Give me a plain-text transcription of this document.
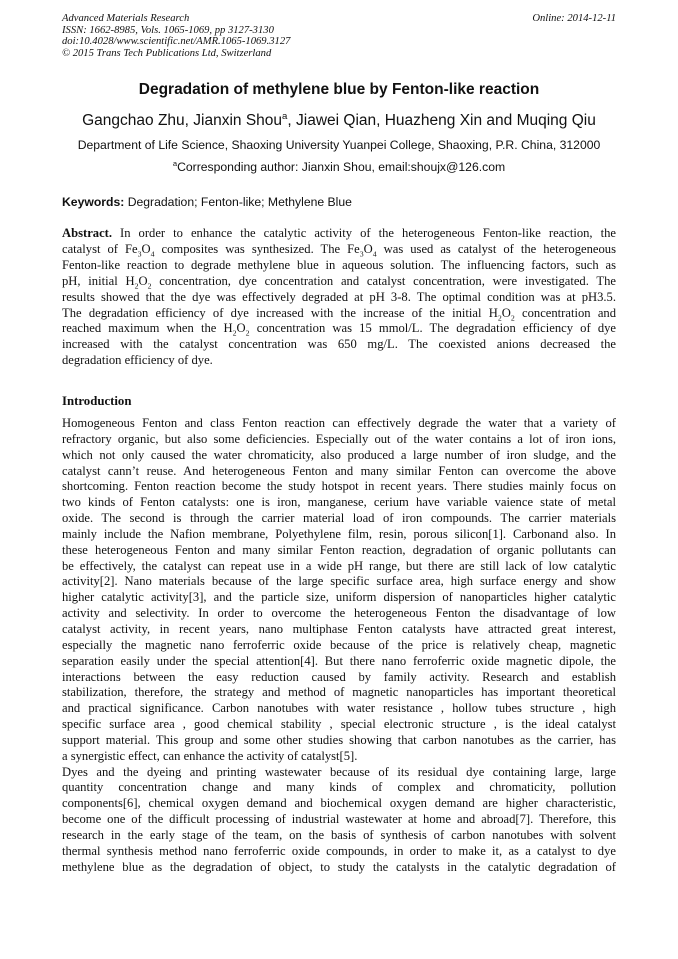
Advanced Materials Research
ISSN: 1662-8985, Vols. 1065-1069, pp 3127-3130
doi:10.4028/www.scientific.net/AMR.1065-1069.3127
© 2015 Trans Tech Publications Ltd, Switzerland
Online: 2014-12-11
Degradation of methylene blue by Fenton-like reaction
Gangchao Zhu, Jianxin Shou$^a$, Jiawei Qian, Huazheng Xin and Muqing Qiu
Department of Life Science, Shaoxing University Yuanpei College, Shaoxing, P.R. China, 312000
$^a$Corresponding author: Jianxin Shou, email:shoujx@126.com
Keywords: Degradation; Fenton-like; Methylene Blue
Abstract. In order to enhance the catalytic activity of the heterogeneous Fenton-like reaction, the
catalyst of $Fe_3O_4$ composites was synthesized. The $Fe_3O_4$ was used as catalyst of the heterogeneous
Fenton-like reaction to degrade methylene blue in aqueous solution. The influencing factors, such as
pH, initial $H_2O_2$ concentration, dye concentration and catalyst concentration, were investigated. The
results showed that the dye was effectively degraded at pH 3-8. The optimal condition was at pH3.5.
The degradation efficiency of dye increased with the increase of the initial $H_2O_2$ concentration and
reached maximum when the $H_2O_2$ concentration was 15 mmol/L. The degradation efficiency of dye
increased with the catalyst concentration was 650 mg/L. The coexisted anions decreased the
degradation efficiency of dye.
Introduction

Homogeneous Fenton and class Fenton reaction can effectively degrade the water that a variety of
refractory organic, but also some deficiencies. Especially out of the water contains a lot of iron ions,
which not only caused the water chromaticity, also produced a large number of iron sludge, and the
catalyst cann’t reuse. And heterogeneous Fenton and many similar Fenton can overcome the above
shortcoming. Fenton reaction become the study hotspot in recent years. There studies mainly focus on
two kinds of Fenton catalysts: one is iron, manganese, cerium have variable vaience state of metal
oxide. The second is through the carrier material load of iron compounds. The carrier materials
mainly include the Nafion membrane, Polyethylene film, resin, porous silicon[1]. Carbonand also. In
these heterogeneous Fenton and many similar Fenton reaction, degradation of organic pollutants can
be effectively, the catalyst can repeat use in a wide pH range, but there are still lack of low catalytic
activity[2]. Nano materials because of the large specific surface area, high surface energy and show
higher catalytic activity[3], and the particle size, uniform dispersion of nanoparticles higher catalytic
activity and selectivity. In order to overcome the heterogeneous Fenton the disadvantage of low
catalyst activity, in recent years, nano multiphase Fenton catalysts have attracted great interest,
especially the magnetic nano ferroferric oxide because of the price is relatively cheap, magnetic
separation easily under the special attention[4]. But there nano ferroferric oxide magnetic dipole, the
interactions between the easy reduction caused by family activity. Research and establish
stabilization, therefore, the strategy and method of magnetic nanoparticles has important theoretical
and practical significance. Carbon nanotubes with water resistance , hollow tubes structure , high
specific surface area , good chemical stability , special electronic structure , is the ideal catalyst
support material. This group and some other studies showing that carbon nanotubes as the carrier, has
a synergistic effect, can enhance the activity of catalyst[5].

Dyes and the dyeing and printing wastewater because of its residual dye containing large, large
quantity concentration change and many kinds of complex and chromaticity, pollution
components[6], chemical oxygen demand and biochemical oxygen demand are higher characteristic,
become one of the difficult processing of industrial wastewater at home and abroad[7]. Therefore, this
research in the early stage of the team, on the basis of synthesis of carbon nanotubes with solvent
thermal synthesis method nano ferroferric oxide compounds, in order to make it, as a catalyst to dye
methylene blue as the degradation of object, to study the catalysts in the catalytic degradation of
